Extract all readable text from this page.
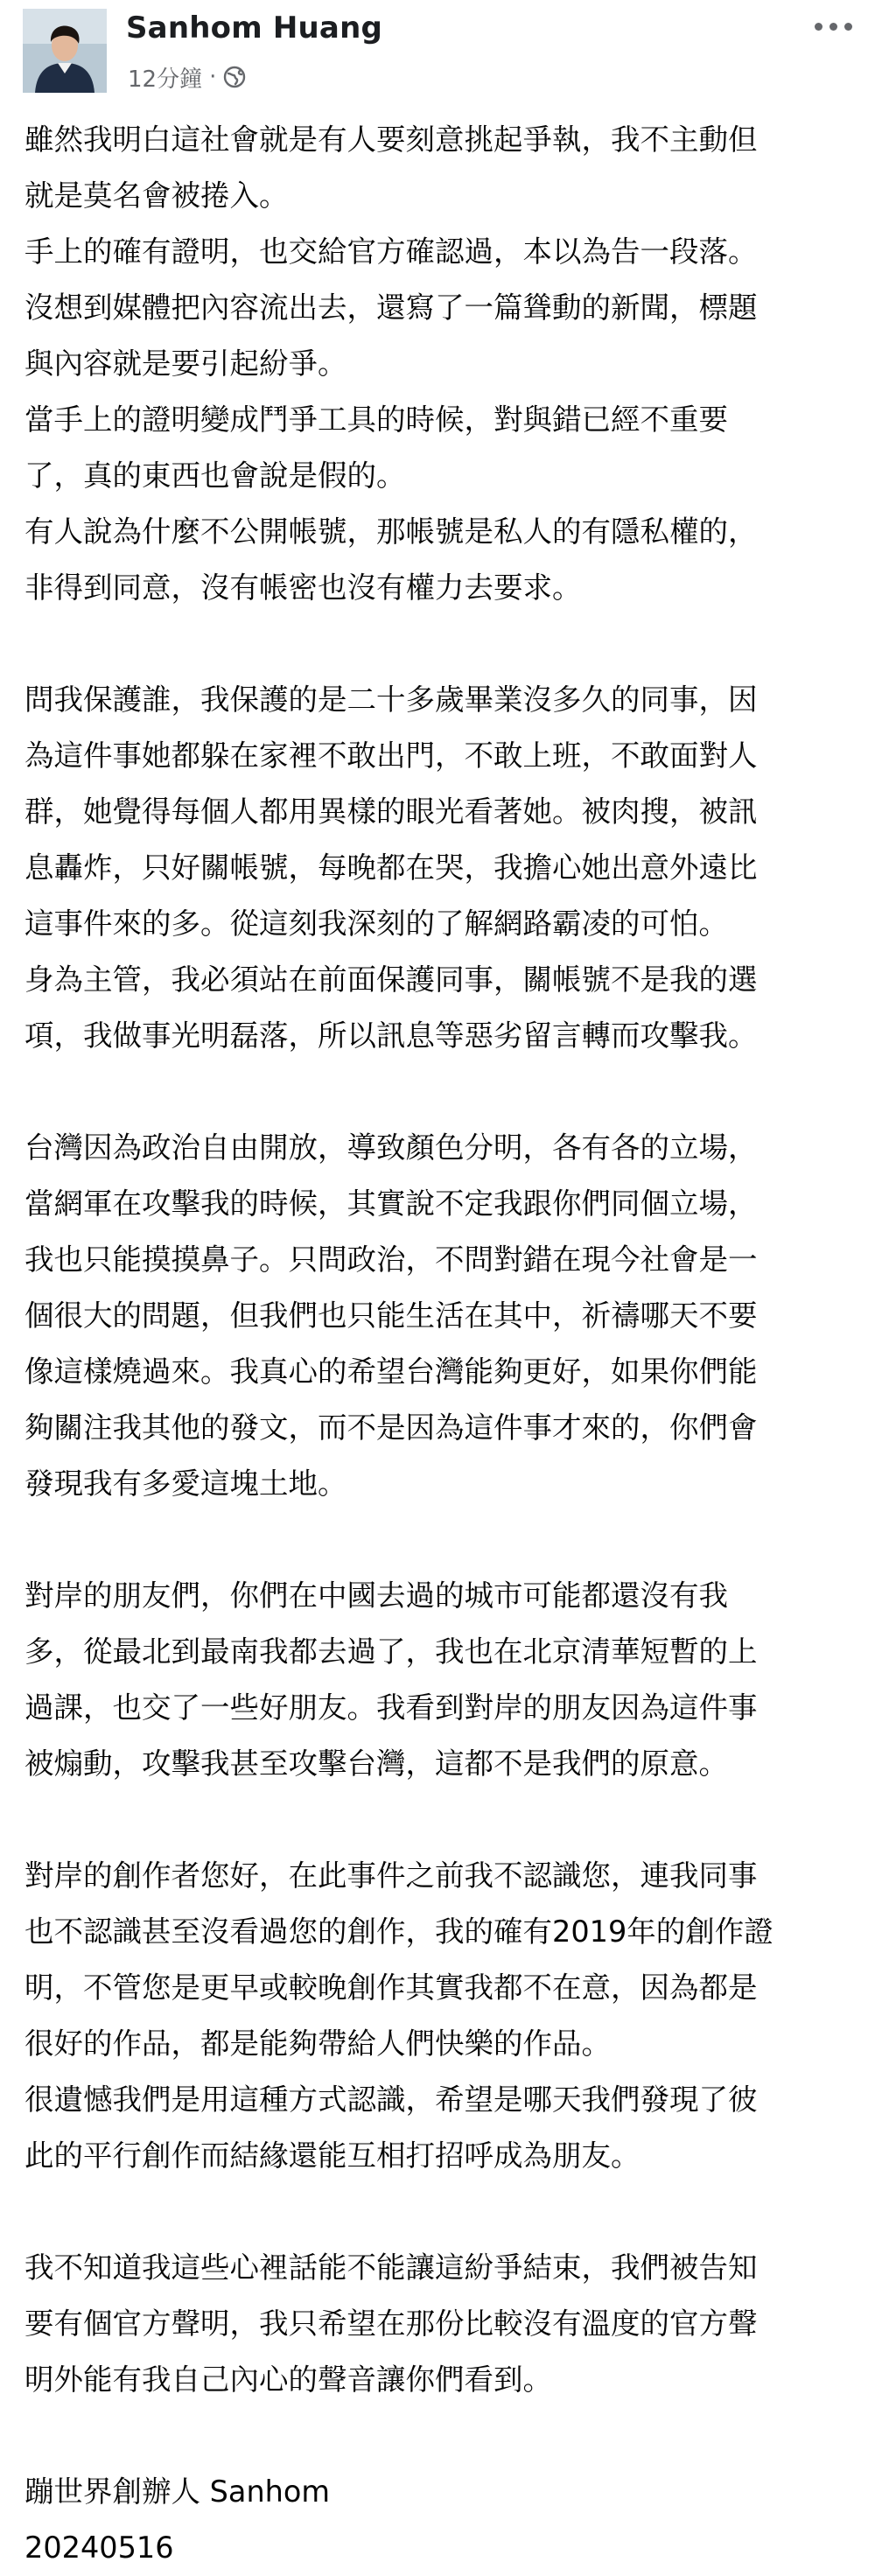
Sanhom Huang
12分鐘 ·
雖然我明白這社會就是有人要刻意挑起爭執，我不主動但
就是莫名會被捲入。
手上的確有證明，也交給官方確認過，本以為告一段落。
沒想到媒體把內容流出去，還寫了一篇聳動的新聞，標題
與內容就是要引起紛爭。
當手上的證明變成鬥爭工具的時候，對與錯已經不重要
了，真的東西也會說是假的。
有人說為什麼不公開帳號，那帳號是私人的有隱私權的，
非得到同意，沒有帳密也沒有權力去要求。
問我保護誰，我保護的是二十多歲畢業沒多久的同事，因
為這件事她都躲在家裡不敢出門，不敢上班，不敢面對人
群，她覺得每個人都用異樣的眼光看著她。被肉搜，被訊
息轟炸，只好關帳號，每晚都在哭，我擔心她出意外遠比
這事件來的多。從這刻我深刻的了解網路霸凌的可怕。
身為主管，我必須站在前面保護同事，關帳號不是我的選
項，我做事光明磊落，所以訊息等惡劣留言轉而攻擊我。
台灣因為政治自由開放，導致顏色分明，各有各的立場，
當網軍在攻擊我的時候，其實說不定我跟你們同個立場，
我也只能摸摸鼻子。只問政治，不問對錯在現今社會是一
個很大的問題，但我們也只能生活在其中，祈禱哪天不要
像這樣燒過來。我真心的希望台灣能夠更好，如果你們能
夠關注我其他的發文，而不是因為這件事才來的，你們會
發現我有多愛這塊土地。
對岸的朋友們，你們在中國去過的城市可能都還沒有我
多，從最北到最南我都去過了，我也在北京清華短暫的上
過課，也交了一些好朋友。我看到對岸的朋友因為這件事
被煽動，攻擊我甚至攻擊台灣，這都不是我們的原意。
對岸的創作者您好，在此事件之前我不認識您，連我同事
也不認識甚至沒看過您的創作，我的確有2019年的創作證
明，不管您是更早或較晚創作其實我都不在意，因為都是
很好的作品，都是能夠帶給人們快樂的作品。
很遺憾我們是用這種方式認識，希望是哪天我們發現了彼
此的平行創作而結緣還能互相打招呼成為朋友。
我不知道我這些心裡話能不能讓這紛爭結束，我們被告知
要有個官方聲明，我只希望在那份比較沒有溫度的官方聲
明外能有我自己內心的聲音讓你們看到。
蹦世界創辦人 Sanhom
20240516
